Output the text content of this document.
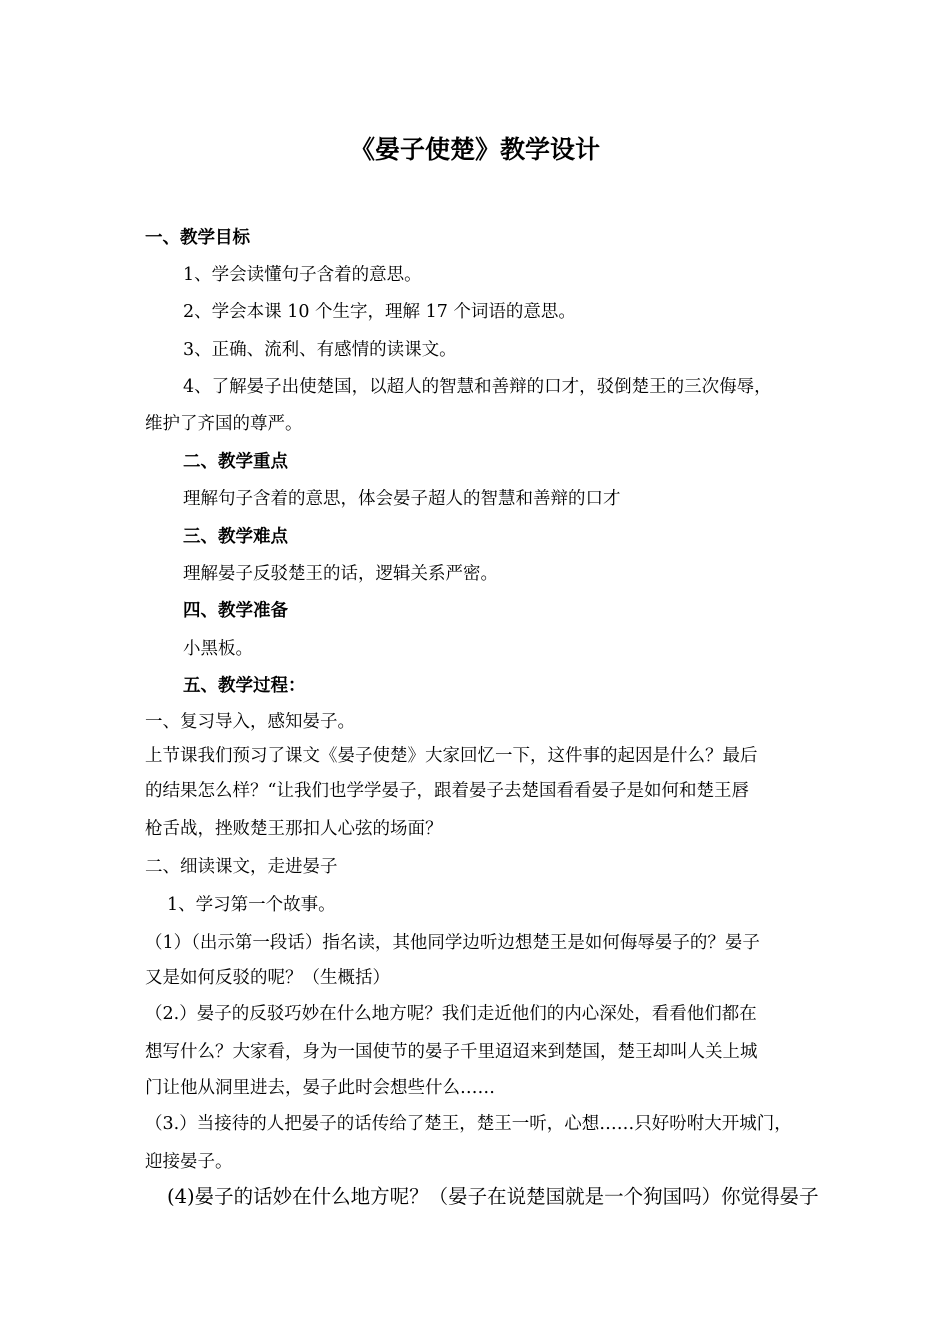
《晏子使楚》教学设计
一、教学目标
1、学会读懂句子含着的意思。
2、学会本课 10 个生字，理解 17 个词语的意思。
3、正确、流利、有感情的读课文。
4、了解晏子出使楚国，以超人的智慧和善辩的口才，驳倒楚王的三次侮辱，
维护了齐国的尊严。
二、教学重点
理解句子含着的意思，体会晏子超人的智慧和善辩的口才
三、教学难点
理解晏子反驳楚王的话，逻辑关系严密。
四、教学准备
小黑板。
五、教学过程：
一、复习导入，感知晏子。
上节课我们预习了课文《晏子使楚》大家回忆一下，这件事的起因是什么？最后
的结果怎么样？“让我们也学学晏子，跟着晏子去楚国看看晏子是如何和楚王唇
枪舌战，挫败楚王那扣人心弦的场面？
二、细读课文，走进晏子
1、学习第一个故事。
（1）（出示第一段话）指名读，其他同学边听边想楚王是如何侮辱晏子的？晏子
又是如何反驳的呢？（生概括）
（2.）晏子的反驳巧妙在什么地方呢？我们走近他们的内心深处，看看他们都在
想写什么？大家看，身为一国使节的晏子千里迢迢来到楚国，楚王却叫人关上城
门让他从洞里进去，晏子此时会想些什么……
（3.）当接待的人把晏子的话传给了楚王，楚王一听，心想……只好吩咐大开城门，
迎接晏子。
(4)晏子的话妙在什么地方呢？（晏子在说楚国就是一个狗国吗）你觉得晏子
